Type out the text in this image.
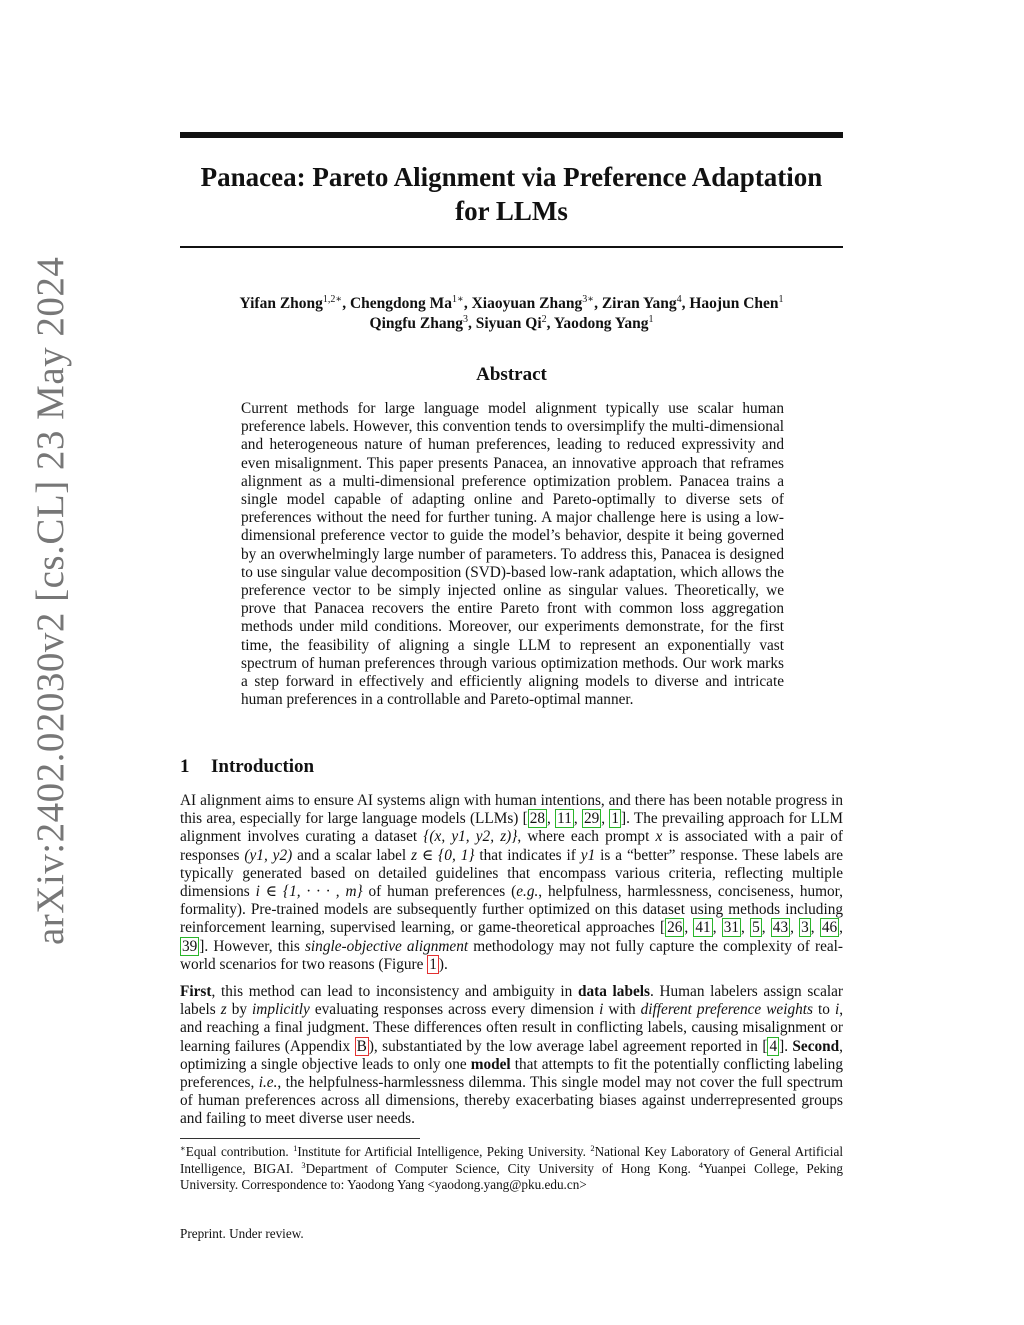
arXiv:2402.02030v2 [cs.CL] 23 May 2024
Panacea: Pareto Alignment via Preference Adaptation
for LLMs
Yifan Zhong$^{1,2∗}$, Chengdong $Ma^{1∗}$, Xiaoyuan Zhang$^{3∗}$, Ziran Yang$^4$, Haojun Chen$^1$
Qingfu Zhang$^3$, Siyuan Qi$^2$, Yaodong Yang$^1$
Abstract

Current methods for large language model alignment typically use scalar human preference labels. However, this convention tends to oversimplify the multi-dimensional and heterogeneous nature of human preferences, leading to reduced expressivity and even misalignment. This paper presents Panacea, an innovative approach that reframes alignment as a multi-dimensional preference optimization problem. Panacea trains a single model capable of adapting online and Pareto-optimally to diverse sets of preferences without the need for further tuning. A major challenge here is using a low-dimensional preference vector to guide the model’s behavior, despite it being governed by an overwhelmingly large number of parameters. To address this, Panacea is designed to use singular value decomposition (SVD)-based low-rank adaptation, which allows the preference vector to be simply injected online as singular values. Theoretically, we prove that Panacea recovers the entire Pareto front with common loss aggregation methods under mild conditions. Moreover, our experiments demonstrate, for the first time, the feasibility of aligning a single LLM to represent an exponentially vast spectrum of human preferences through various optimization methods. Our work marks a step forward in effectively and efficiently aligning models to diverse and intricate human preferences in a controllable and Pareto-optimal manner.

1 Introduction

AI alignment aims to ensure AI systems align with human intentions, and there has been notable progress in this area, especially for large language models (LLMs) [ 28 , 11 , 29 , 1 ]. The prevailing approach for LLM alignment involves curating a dataset {(x, y1, y2, z)}, where each prompt x is associated with a pair of responses (y1, y2) and a scalar label z ∈ {0, 1} that indicates if y1 is a “better” response. These labels are typically generated based on detailed guidelines that encompass various criteria, reflecting multiple dimensions i ∈ {1, · · · , m} of human preferences (e.g., helpfulness, harmlessness, conciseness, humor, formality). Pre-trained models are subsequently further optimized on this dataset using methods including reinforcement learning, supervised learning, or game-theoretical approaches [ 26 , 41 , 31 , 5 , 43 , 3 , 46 , 39 ]. However, this single-objective alignment methodology may not fully capture the complexity of real-world scenarios for two reasons (Figure 1 ).

First, this method can lead to inconsistency and ambiguity in data labels. Human labelers assign scalar labels z by implicitly evaluating responses across every dimension i with different preference weights to i, and reaching a final judgment. These differences often result in conflicting labels, causing misalignment or learning failures (Appendix B ), substantiated by the low average label agreement reported in [ 4 ]. Second, optimizing a single objective leads to only one model that attempts to fit the potentially conflicting labeling preferences, i.e., the helpfulness-harmlessness dilemma. This single model may not cover the full spectrum of human preferences across all dimensions, thereby exacerbating biases against underrepresented groups and failing to meet diverse user needs.

∗Equal contribution. $^1$Institute for Artificial Intelligence, Peking University. $^2$National Key Laboratory of General Artificial Intelligence, BIGAI. $^3$Department of Computer Science, City University of Hong Kong. $^4$Yuanpei College, Peking University. Correspondence to: Yaodong Yang <yaodong.yang@pku.edu.cn>

Preprint. Under review.
